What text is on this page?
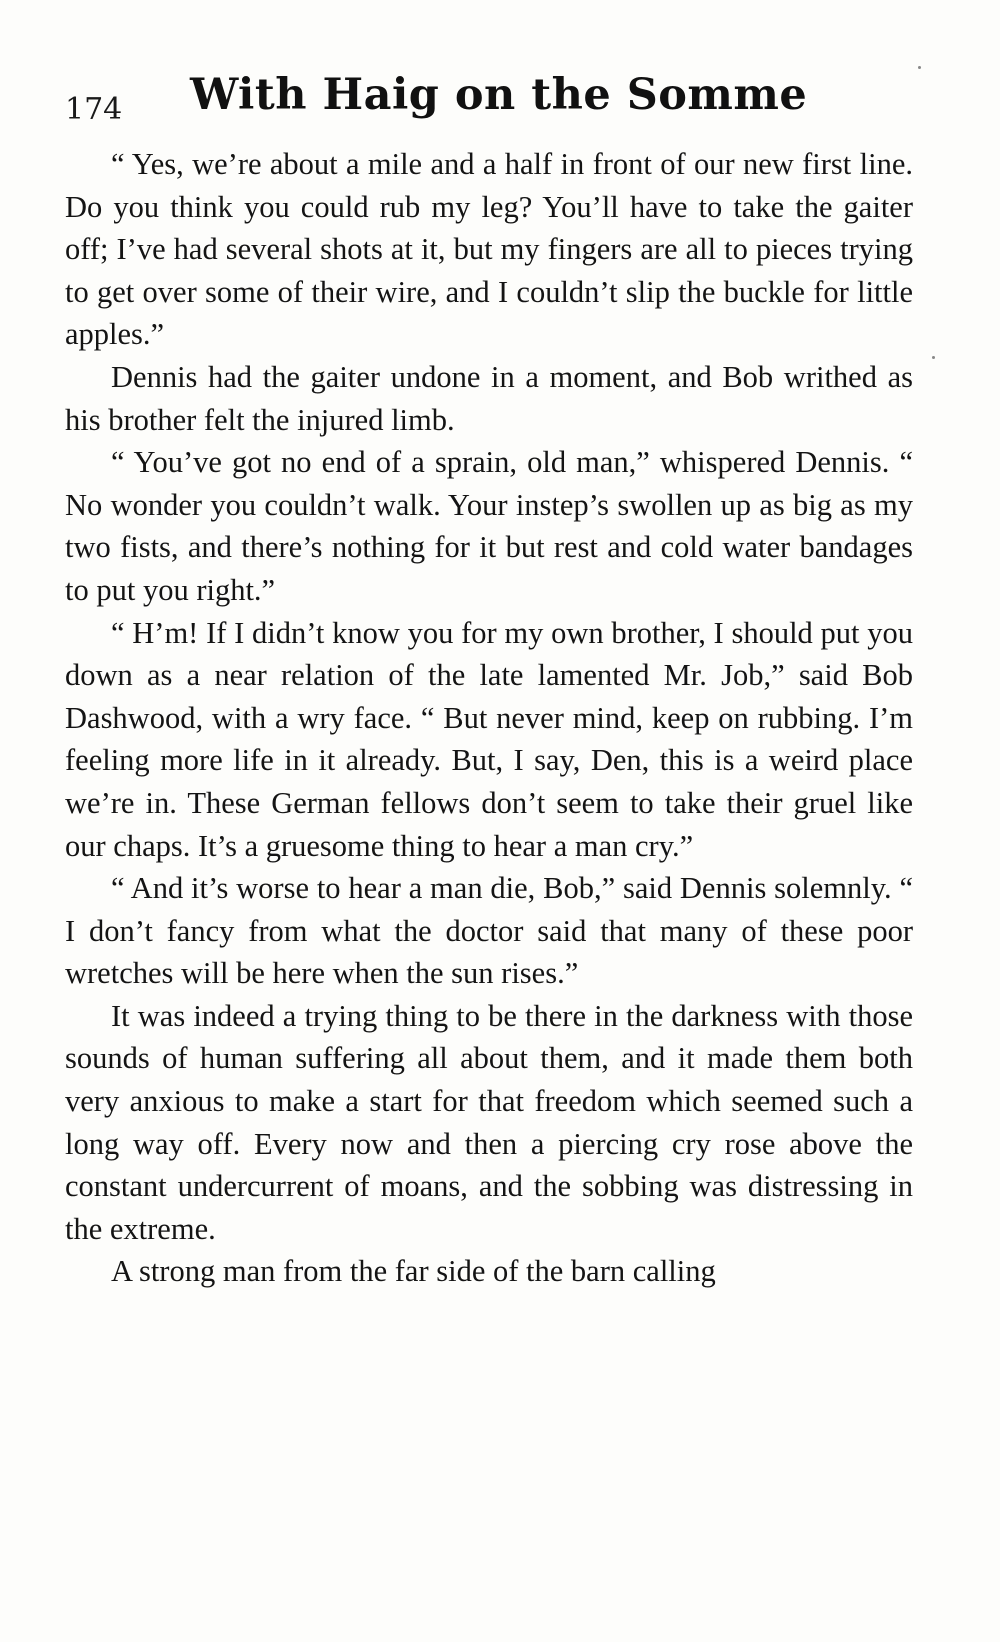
174 With Haig on the Somme

“ Yes, we’re about a mile and a half in front of our new first line. Do you think you could rub my leg? You’ll have to take the gaiter off; I’ve had several shots at it, but my fingers are all to pieces trying to get over some of their wire, and I couldn’t slip the buckle for little apples.”

Dennis had the gaiter undone in a moment, and Bob writhed as his brother felt the injured limb.

“ You’ve got no end of a sprain, old man,” whispered Dennis. “ No wonder you couldn’t walk. Your instep’s swollen up as big as my two fists, and there’s nothing for it but rest and cold water bandages to put you right.”

“ H’m! If I didn’t know you for my own brother, I should put you down as a near relation of the late lamented Mr. Job,” said Bob Dashwood, with a wry face. “ But never mind, keep on rubbing. I’m feeling more life in it already. But, I say, Den, this is a weird place we’re in. These German fellows don’t seem to take their gruel like our chaps. It’s a gruesome thing to hear a man cry.”

“ And it’s worse to hear a man die, Bob,” said Dennis solemnly. “ I don’t fancy from what the doctor said that many of these poor wretches will be here when the sun rises.”

It was indeed a trying thing to be there in the darkness with those sounds of human suffering all about them, and it made them both very anxious to make a start for that freedom which seemed such a long way off. Every now and then a piercing cry rose above the constant undercurrent of moans, and the sobbing was distressing in the extreme.

A strong man from the far side of the barn calling
